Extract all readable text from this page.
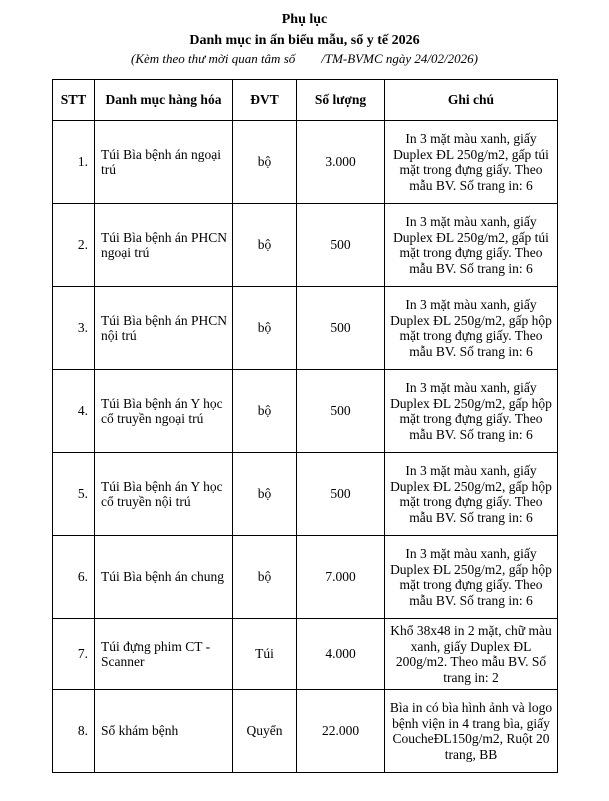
Phụ lục
Danh mục in ấn biểu mẫu, sổ y tế 2026
(Kèm theo thư mời quan tâm số /TM-BVMC ngày 24/02/2026)
STT	Danh mục hàng hóa	ĐVT	Số lượng	Ghi chú
1.	Túi Bìa bệnh án ngoại trú	bộ	3.000	In 3 mặt màu xanh, giấy Duplex ĐL 250g/m2, gấp túi mặt trong đựng giấy. Theo mẫu BV. Số trang in: 6
2.	Túi Bìa bệnh án PHCN ngoại trú	bộ	500	In 3 mặt màu xanh, giấy Duplex ĐL 250g/m2, gấp túi mặt trong đựng giấy. Theo mẫu BV. Số trang in: 6
3.	Túi Bìa bệnh án PHCN nội trú	bộ	500	In 3 mặt màu xanh, giấy Duplex ĐL 250g/m2, gấp hộp mặt trong đựng giấy. Theo mẫu BV. Số trang in: 6
4.	Túi Bìa bệnh án Y học cổ truyền ngoại trú	bộ	500	In 3 mặt màu xanh, giấy Duplex ĐL 250g/m2, gấp hộp mặt trong đựng giấy. Theo mẫu BV. Số trang in: 6
5.	Túi Bìa bệnh án Y học cổ truyền nội trú	bộ	500	In 3 mặt màu xanh, giấy Duplex ĐL 250g/m2, gấp hộp mặt trong đựng giấy. Theo mẫu BV. Số trang in: 6
6.	Túi Bìa bệnh án chung	bộ	7.000	In 3 mặt màu xanh, giấy Duplex ĐL 250g/m2, gấp hộp mặt trong đựng giấy. Theo mẫu BV. Số trang in: 6
7.	Túi đựng phim CT - Scanner	Túi	4.000	Khổ 38x48 in 2 mặt, chữ màu xanh, giấy Duplex ĐL 200g/m2. Theo mẫu BV. Số trang in: 2
8.	Sổ khám bệnh	Quyển	22.000	Bìa in có bìa hình ảnh và logo bệnh viện in 4 trang bìa, giấy CoucheĐL150g/m2, Ruột 20 trang, BB
